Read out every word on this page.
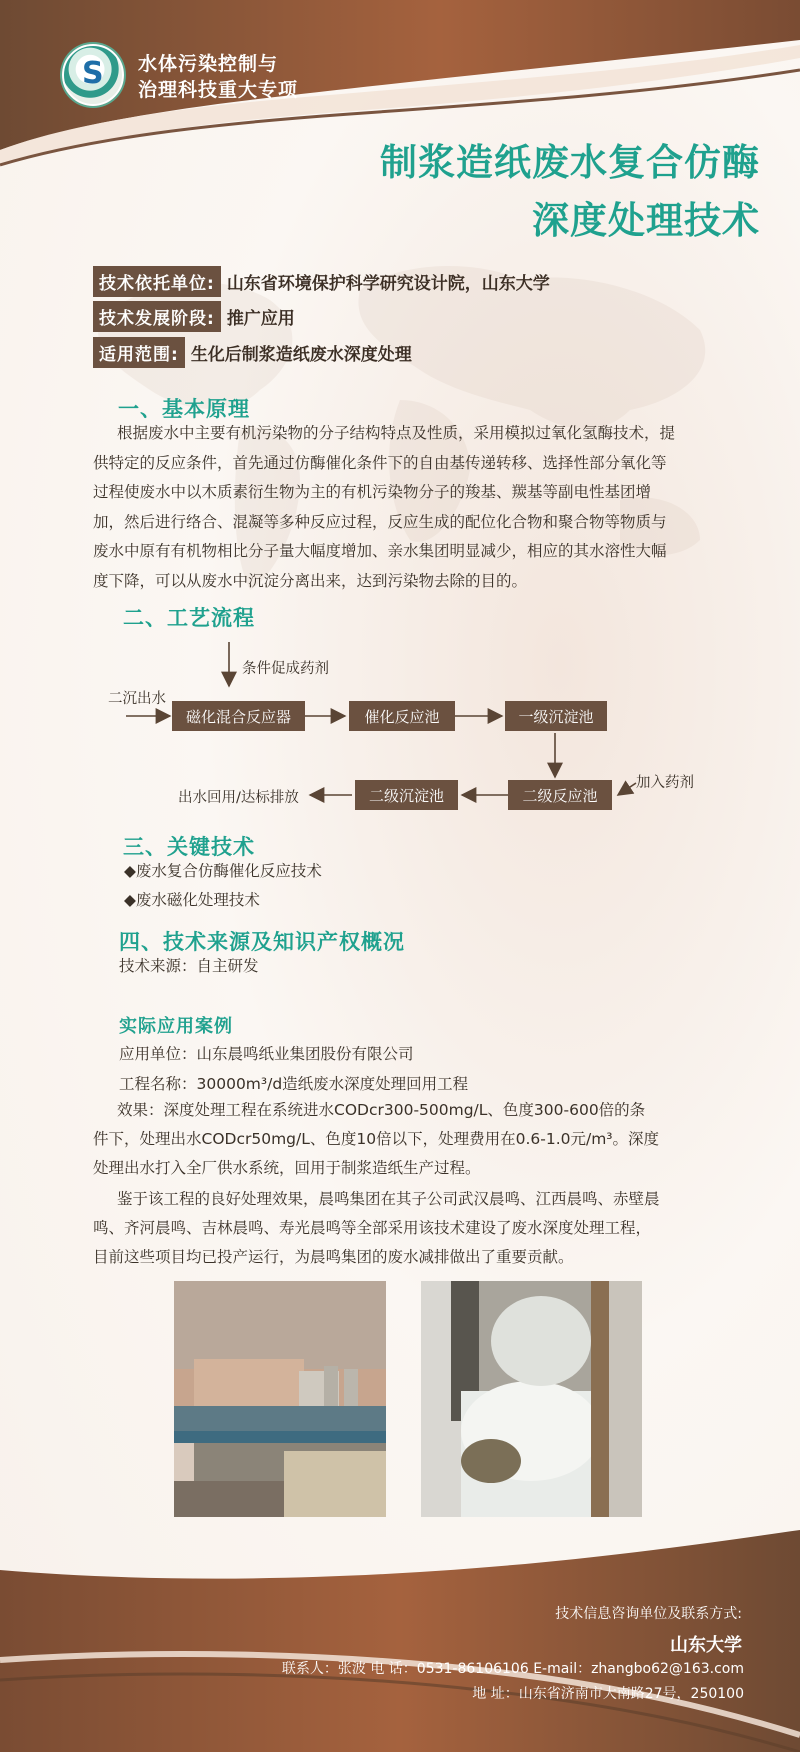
S 水体污染控制与
治理科技重大专项
制浆造纸废水复合仿酶
深度处理技术
技术依托单位: 山东省环境保护科学研究设计院，山东大学
技术发展阶段: 推广应用
适用范围: 生化后制浆造纸废水深度处理
一、基本原理
根据废水中主要有机污染物的分子结构特点及性质，采用模拟过氧化氢酶技术，提
供特定的反应条件，首先通过仿酶催化条件下的自由基传递转移、选择性部分氧化等
过程使废水中以木质素衍生物为主的有机污染物分子的羧基、羰基等副电性基团增
加，然后进行络合、混凝等多种反应过程，反应生成的配位化合物和聚合物等物质与
废水中原有有机物相比分子量大幅度增加、亲水集团明显减少，相应的其水溶性大幅
度下降，可以从废水中沉淀分离出来，达到污染物去除的目的。
二、工艺流程
条件促成药剂
二沉出水
磁化混合反应器	催化反应池	一级沉淀池
加入药剂
二级反应池
二级沉淀池
出水回用/达标排放
三、关键技术
◆废水复合仿酶催化反应技术
◆废水磁化处理技术
四、技术来源及知识产权概况
技术来源：自主研发
实际应用案例
应用单位：山东晨鸣纸业集团股份有限公司
工程名称：30000m³/d造纸废水深度处理回用工程
效果：深度处理工程在系统进水CODcr300-500mg/L、色度300-600倍的条
件下，处理出水CODcr50mg/L、色度10倍以下，处理费用在0.6-1.0元/m³。深度
处理出水打入全厂供水系统，回用于制浆造纸生产过程。
鉴于该工程的良好处理效果，晨鸣集团在其子公司武汉晨鸣、江西晨鸣、赤壁晨
鸣、齐河晨鸣、吉林晨鸣、寿光晨鸣等全部采用该技术建设了废水深度处理工程，
目前这些项目均已投产运行，为晨鸣集团的废水减排做出了重要贡献。
技术信息咨询单位及联系方式:
山东大学
联系人：张波 电 话：0531-86106106 E-mail：zhangbo62@163.com
地 址：山东省济南市大南路27号，250100
